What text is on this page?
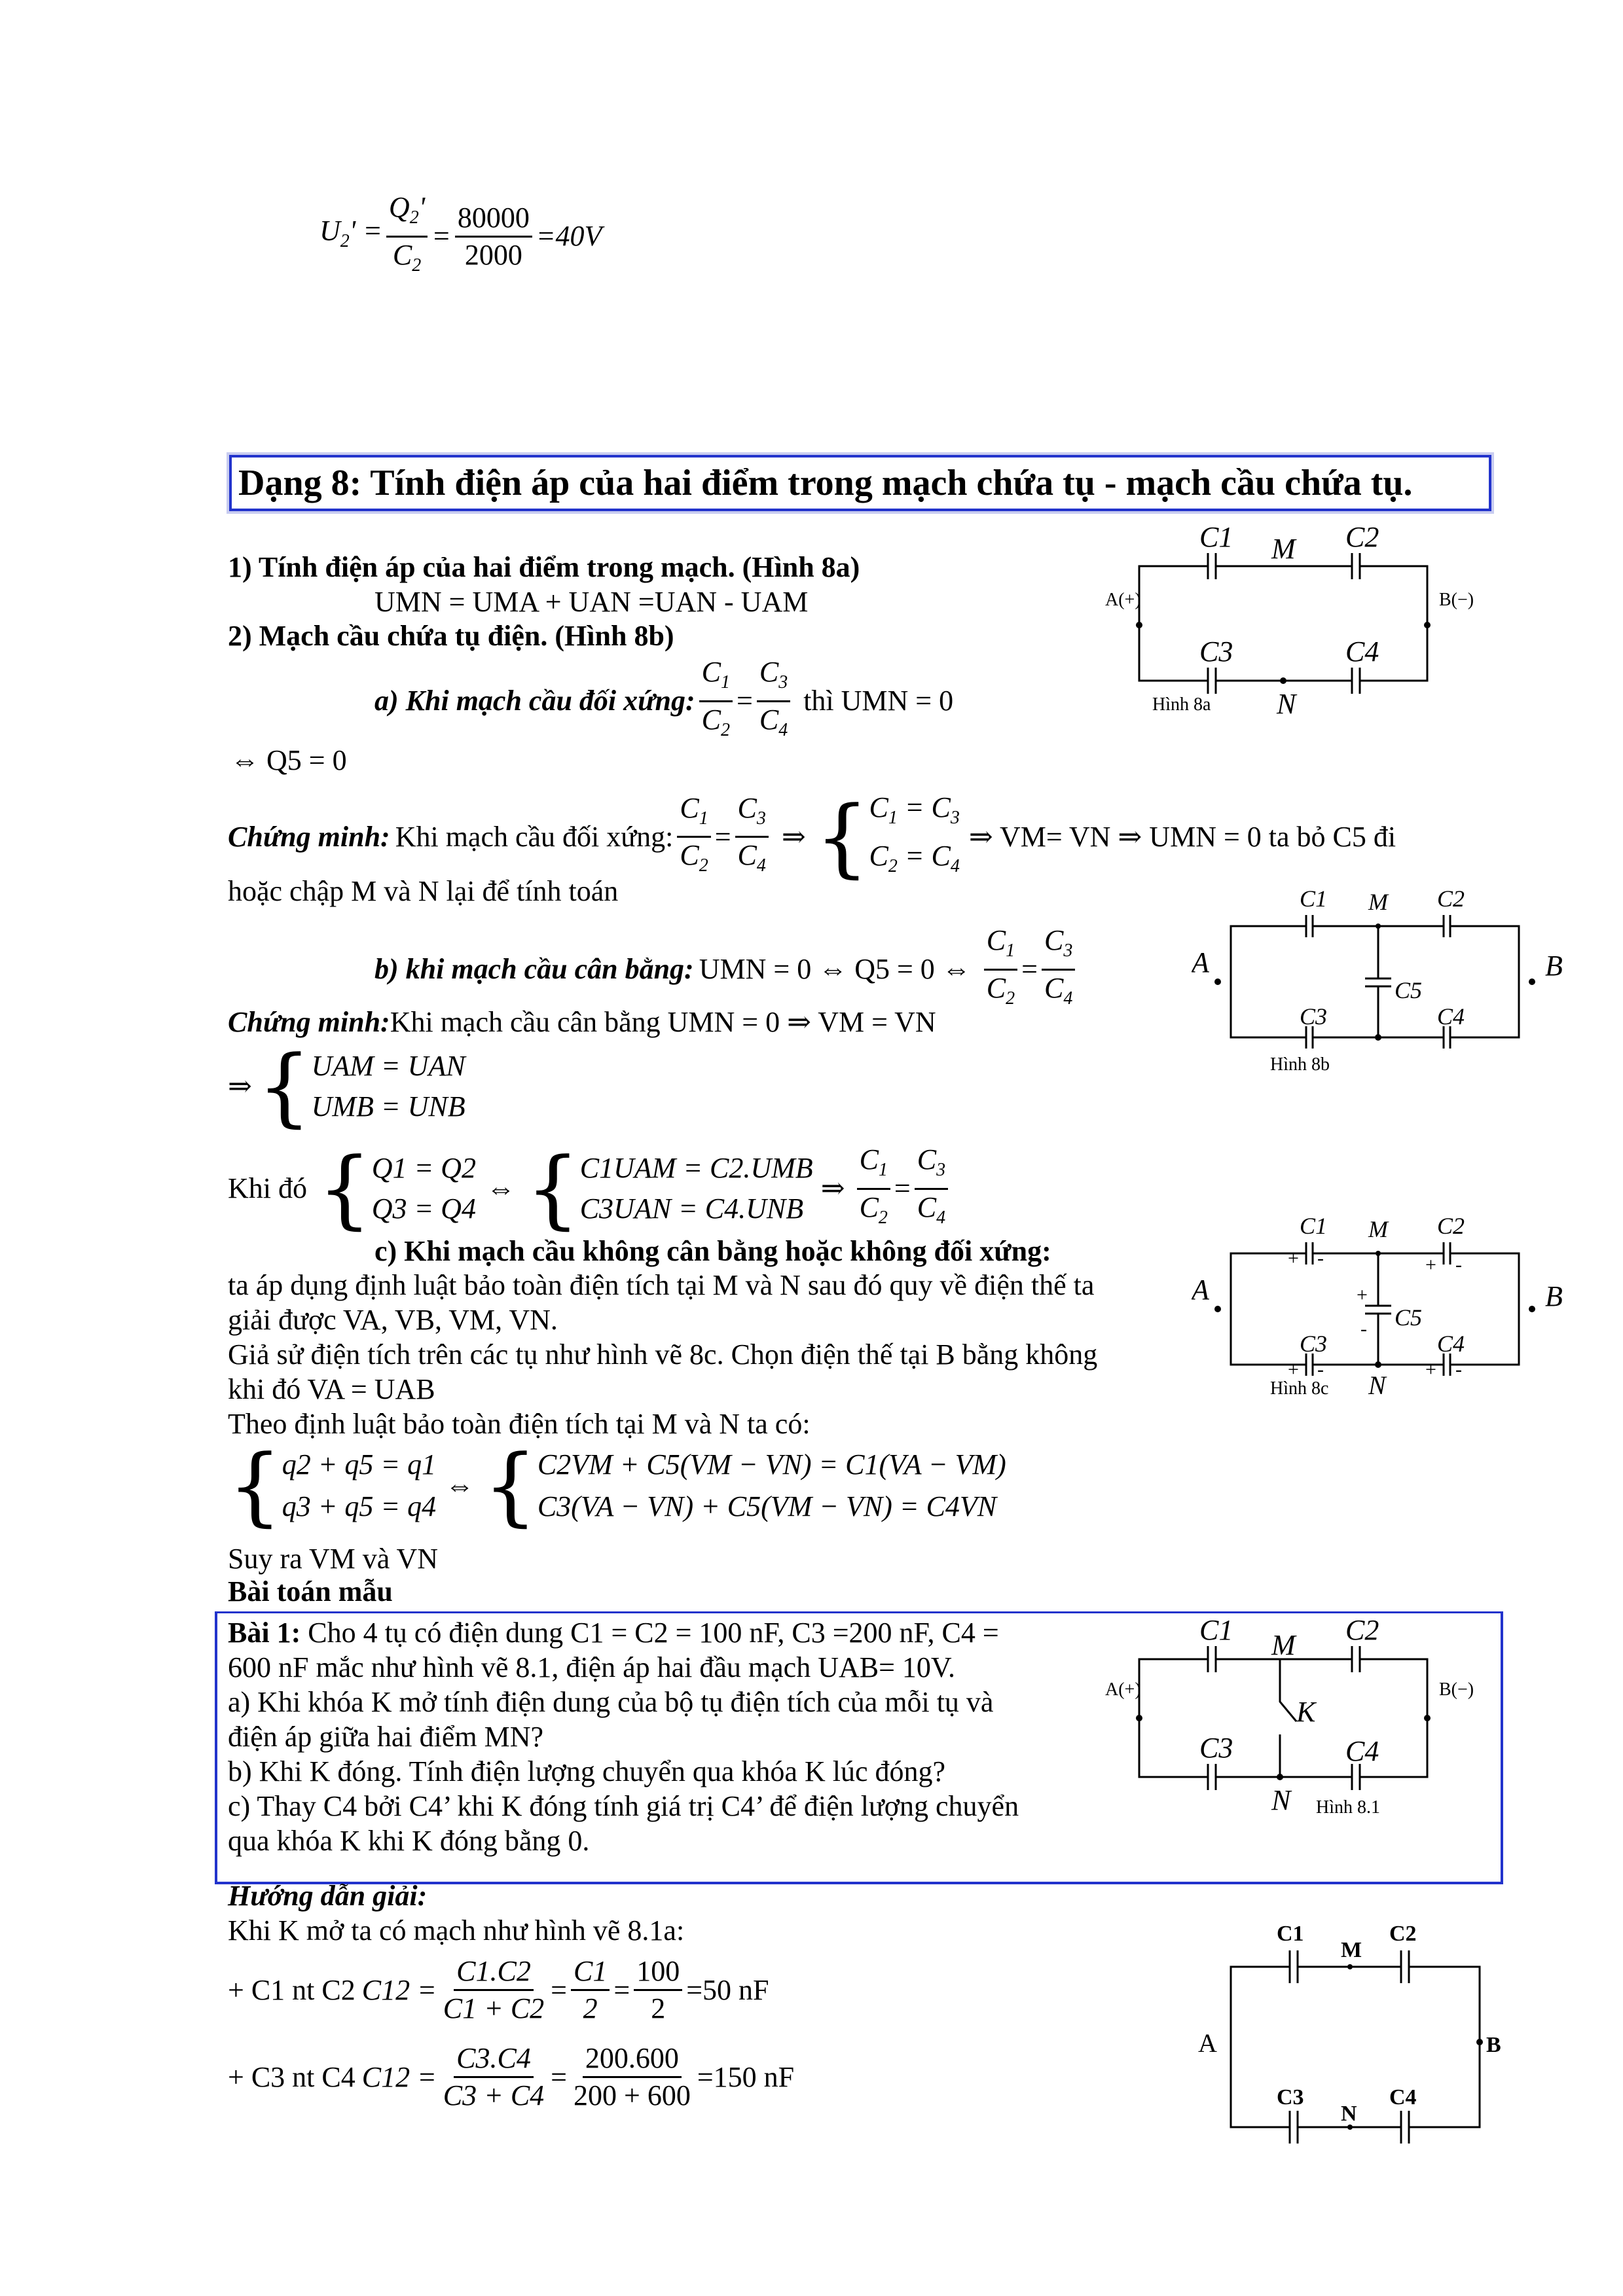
$U_2' = \frac{Q_2'}{C_2} = \frac{80000}{2000} = 40V$
Dạng 8: Tính điện áp của hai điểm trong mạch chứa tụ - mạch cầu chứa tụ.
1) Tính điện áp của hai điểm trong mạch. (Hình 8a)
UMN = UMA + UAN =UAN - UAM
2) Mạch cầu chứa tụ điện. (Hình 8b)
a) Khi mạch cầu đối xứng: $\frac{C_1}{C_2} = \frac{C_3}{C_4}$ thì UMN = 0
⇔ Q5 = 0
Chứng minh: Khi mạch cầu đối xứng: $\frac{C_1}{C_2} = \frac{C_3}{C_4}$ ⇒ { $C_1 = C_3$
$C_2 = C_4$
⇒ VM= VN ⇒ UMN = 0 ta bỏ C5 đi
hoặc chập M và N lại để tính toán
b) khi mạch cầu cân bằng: UMN = 0 ⇔ Q5 = 0 ⇔ $\frac{C_1}{C_2} = \frac{C_3}{C_4}$
Chứng minh:Khi mạch cầu cân bằng UMN = 0 ⇒ VM = VN
⇒ { UAM = UAN
UMB = UNB
Khi đó { Q1 = Q2
Q3 = Q4
⇔ { C1UAM = C2.UMB
C3UAN = C4.UNB
⇒ $\frac{C_1}{C_2} = \frac{C_3}{C_4}$
c) Khi mạch cầu không cân bằng hoặc không đối xứng:
ta áp dụng định luật bảo toàn điện tích tại M và N sau đó quy về điện thế ta
giải được VA, VB, VM, VN.
Giả sử điện tích trên các tụ như hình vẽ 8c. Chọn điện thế tại B bằng không
khi đó VA = UAB
Theo định luật bảo toàn điện tích tại M và N ta có:
{ q2 + q5 = q1
q3 + q5 = q4
⇔ { C2VM + C5(VM − VN) = C1(VA − VM)
C3(VA − VN) + C5(VM − VN) = C4VN
Suy ra VM và VN
Bài toán mẫu
Bài 1: Cho 4 tụ có điện dung C1 = C2 = 100 nF, C3 =200 nF, C4 =
600 nF mắc như hình vẽ 8.1, điện áp hai đầu mạch UAB= 10V.
a) Khi khóa K mở tính điện dung của bộ tụ điện tích của mỗi tụ và
điện áp giữa hai điểm MN?
b) Khi K đóng. Tính điện lượng chuyển qua khóa K lúc đóng?
c) Thay C4 bởi C4’ khi K đóng tính giá trị C4’ để điện lượng chuyển
qua khóa K khi K đóng bằng 0.
Hướng dẫn giải:
Khi K mở ta có mạch như hình vẽ 8.1a:
+ C1 nt C2 $C12 = \frac{C1.C2}{C1 + C2} = \frac{C1}{2} = \frac{100}{2} =50$ nF
+ C3 nt C4 $C12 = \frac{C3.C4}{C3 + C4} = \frac{200.600}{200 + 600} =150$ nF
C1 M C2
C3	C4
N
A(+)	B(−)
Hình 8a
C1 M C2
A	B
C5
C3	C4
Hình 8b
+ -	+ -
+
-
+ -	+ -
C1 M C2
A	B
C5
C3	C4
N
Hình 8c
C1 M C2
K
C3	C4
N
A(+)	B(−)
Hình 8.1
C1	C2
M
B
C3	C4
N
A
